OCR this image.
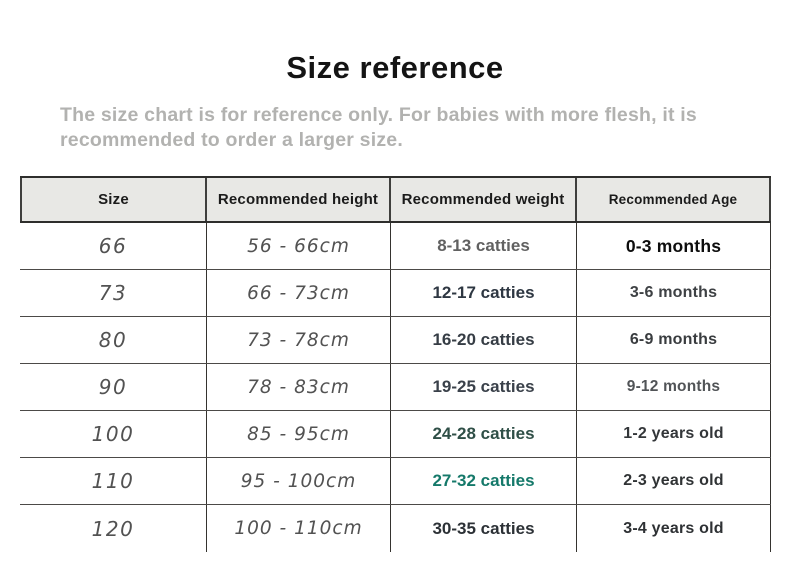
Size reference

The size chart is for reference only. For babies with more flesh, it is
recommended to order a larger size.

Size	Recommended height	Recommended weight	Recommended Age
66	56 - 66cm	8-13 catties	0-3 months
73	66 - 73cm	12-17 catties	3-6 months
80	73 - 78cm	16-20 catties	6-9 months
90	78 - 83cm	19-25 catties	9-12 months
100	85 - 95cm	24-28 catties	1-2 years old
110	95 - 100cm	27-32 catties	2-3 years old
120	100 - 110cm	30-35 catties	3-4 years old
